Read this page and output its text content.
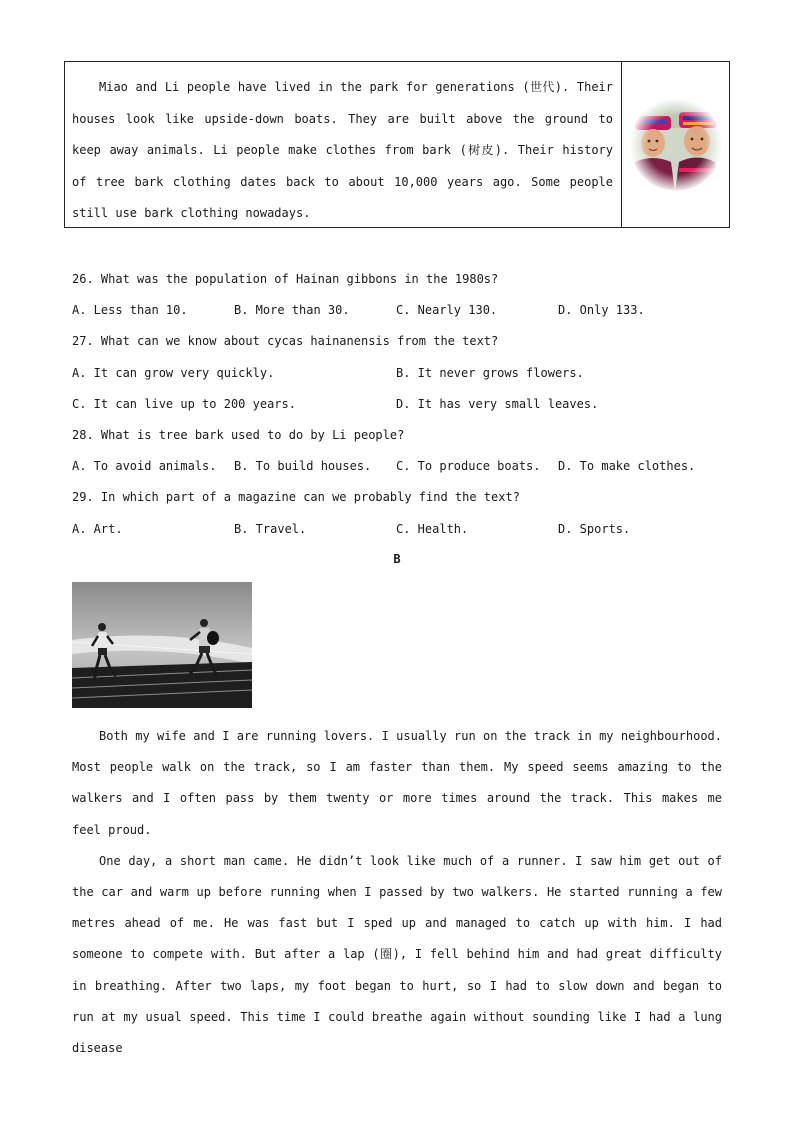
Miao and Li people have lived in the park for generations (世代). Their houses look like upside-down boats. They are built above the ground to keep away animals. Li people make clothes from bark (树皮). Their history of tree bark clothing dates back to about 10,000 years ago. Some people still use bark clothing nowadays.

26. What was the population of Hainan gibbons in the 1980s?
A. Less than 10.	B. More than 30.	C. Nearly 130.	D. Only 133.
27. What can we know about cycas hainanensis from the text?
A. It can grow very quickly.	B. It never grows flowers.
C. It can live up to 200 years.	D. It has very small leaves.
28. What is tree bark used to do by Li people?
A. To avoid animals. B. To build houses. C. To produce boats. D. To make clothes.
29. In which part of a magazine can we probably find the text?
A. Art.	B. Travel.	C. Health.	D. Sports.
B

Both my wife and I are running lovers. I usually run on the track in my neighbourhood. Most people walk on the track, so I am faster than them. My speed seems amazing to the walkers and I often pass by them twenty or more times around the track. This makes me feel proud.

One day, a short man came. He didn’t look like much of a runner. I saw him get out of the car and warm up before running when I passed by two walkers. He started running a few metres ahead of me. He was fast but I sped up and managed to catch up with him. I had someone to compete with. But after a lap (圈), I fell behind him and had great difficulty in breathing. After two laps, my foot began to hurt, so I had to slow down and began to run at my usual speed. This time I could breathe again without sounding like I had a lung disease
